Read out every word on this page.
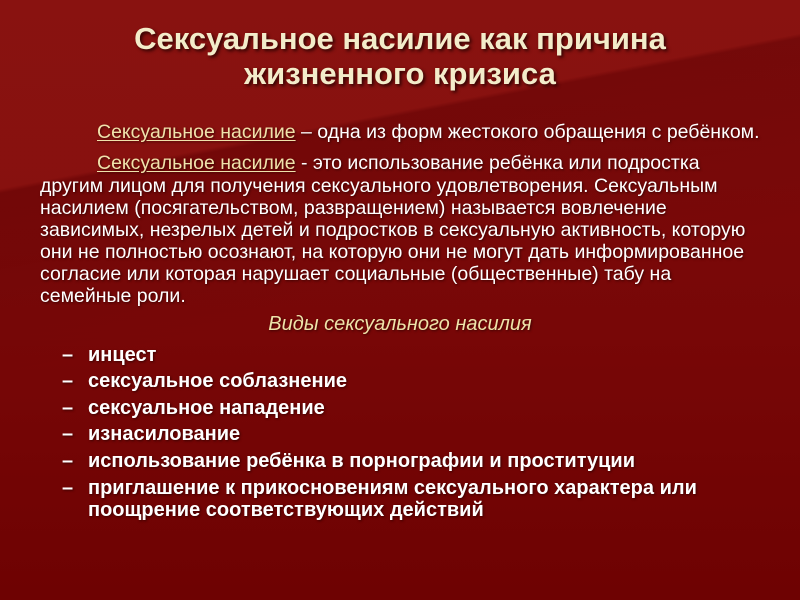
Сексуальное насилие как причина жизненного кризиса

Сексуальное насилие – одна из форм жестокого обращения с ребёнком.

Сексуальное насилие - это использование ребёнка или подростка другим лицом для получения сексуального удовлетворения. Сексуальным насилием (посягательством, развращением) называется вовлечение зависимых, незрелых детей и подростков в сексуальную активность, которую они не полностью осознают, на которую они не могут дать информированное согласие или которая нарушает социальные (общественные) табу на семейные роли.

Виды сексуального насилия
– инцест
– сексуальное соблазнение
– сексуальное нападение
– изнасилование
– использование ребёнка в порнографии и проституции
– приглашение к прикосновениям сексуального характера или поощрение соответствующих действий
